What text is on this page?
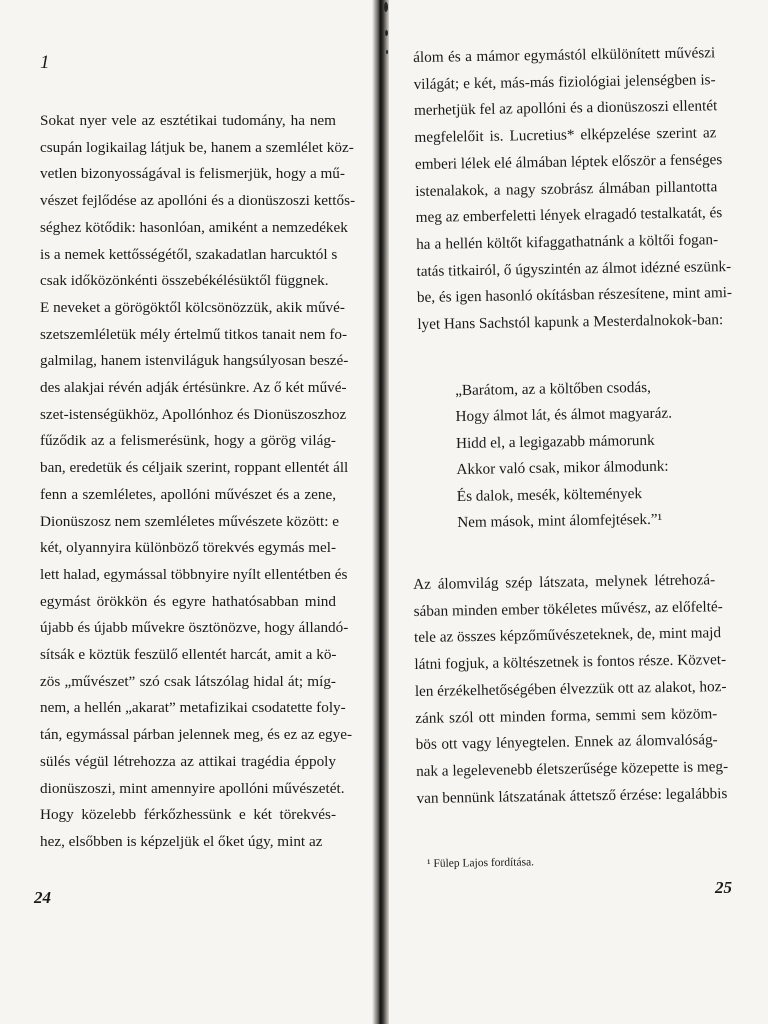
1
Sokat nyer vele az esztétikai tudomány, ha nem
csupán logikailag látjuk be, hanem a szemlélet köz-
vetlen bizonyosságával is felismerjük, hogy a mű-
vészet fejlődése az apollóni és a dionüszoszi kettős-
séghez kötődik: hasonlóan, amiként a nemzedékek
is a nemek kettősségétől, szakadatlan harcuktól s
csak időközönkénti összebékélésüktől függnek.
E neveket a görögöktől kölcsönözzük, akik művé-
szetszemléletük mély értelmű titkos tanait nem fo-
galmilag, hanem istenviláguk hangsúlyosan beszé-
des alakjai révén adják értésünkre. Az ő két művé-
szet-istenségükhöz, Apollónhoz és Dionüszoszhoz
fűződik az a felismerésünk, hogy a görög világ-
ban, eredetük és céljaik szerint, roppant ellentét áll
fenn a szemléletes, apollóni művészet és a zene,
Dionüszosz nem szemléletes művészete között: e
két, olyannyira különböző törekvés egymás mel-
lett halad, egymással többnyire nyílt ellentétben és
egymást örökkön és egyre hathatósabban mind
újabb és újabb művekre ösztönözve, hogy állandó-
sítsák e köztük feszülő ellentét harcát, amit a kö-
zös „művészet” szó csak látszólag hidal át; míg-
nem, a hellén „akarat” metafizikai csodatette foly-
tán, egymással párban jelennek meg, és ez az egye-
sülés végül létrehozza az attikai tragédia éppoly
dionüszoszi, mint amennyire apollóni művészetét.
Hogy közelebb férkőzhessünk e két törekvés-
hez, elsőbben is képzeljük el őket úgy, mint az
24
álom és a mámor egymástól elkülönített művészi
világát; e két, más-más fiziológiai jelenségben is-
merhetjük fel az apollóni és a dionüszoszi ellentét
megfelelőit is. Lucretius* elképzelése szerint az
emberi lélek elé álmában léptek először a fenséges
istenalakok, a nagy szobrász álmában pillantotta
meg az emberfeletti lények elragadó testalkatát, és
ha a hellén költőt kifaggathatnánk a költői fogan-
tatás titkairól, ő úgyszintén az álmot idézné eszünk-
be, és igen hasonló okításban részesítene, mint ami-
lyet Hans Sachstól kapunk a Mesterdalnokok-ban:
„Barátom, az a költőben csodás,
Hogy álmot lát, és álmot magyaráz.
Hidd el, a legigazabb mámorunk
Akkor való csak, mikor álmodunk:
És dalok, mesék, költemények
Nem mások, mint álomfejtések.”¹
Az álomvilág szép látszata, melynek létrehozá-
sában minden ember tökéletes művész, az előfelté-
tele az összes képzőművészeteknek, de, mint majd
látni fogjuk, a költészetnek is fontos része. Közvet-
len érzékelhetőségében élvezzük ott az alakot, hoz-
zánk szól ott minden forma, semmi sem közöm-
bös ott vagy lényegtelen. Ennek az álomvalóság-
nak a legelevenebb életszerűsége közepette is meg-
van bennünk látszatának áttetsző érzése: legalábbis
¹ Fülep Lajos fordítása.
25
